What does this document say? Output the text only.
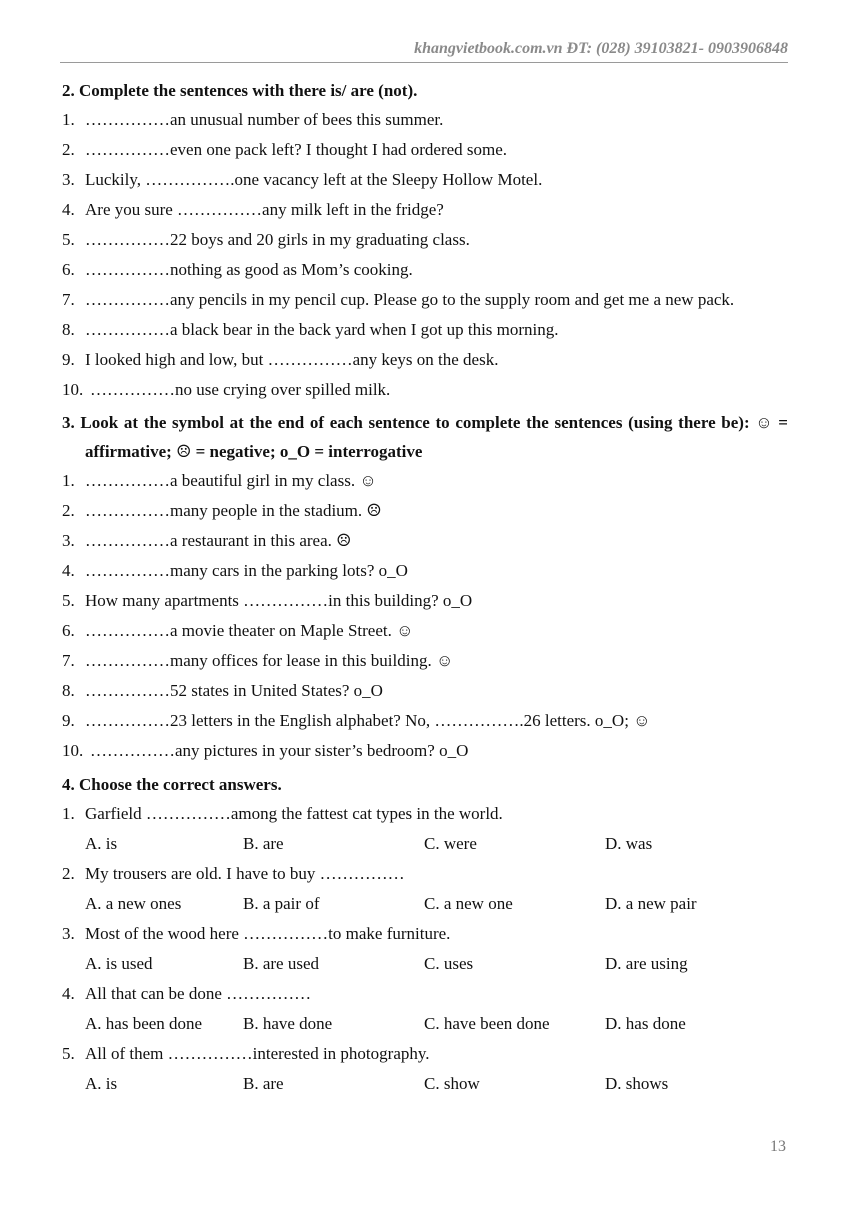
khangvietbook.com.vn ĐT: (028) 39103821- 0903906848
2. Complete the sentences with there is/ are (not).
1. ……………an unusual number of bees this summer.
2. ……………even one pack left? I thought I had ordered some.
3. Luckily, …………….one vacancy left at the Sleepy Hollow Motel.
4. Are you sure ……………any milk left in the fridge?
5. ……………22 boys and 20 girls in my graduating class.
6. ……………nothing as good as Mom’s cooking.
7. ……………any pencils in my pencil cup. Please go to the supply room and get me a new pack.
8. ……………a black bear in the back yard when I got up this morning.
9. I looked high and low, but ……………any keys on the desk.
10. ……………no use crying over spilled milk.
3. Look at the symbol at the end of each sentence to complete the sentences (using there be): ☺ = affirmative; ☹ = negative; o_O = interrogative
1. ……………a beautiful girl in my class. ☺
2. ……………many people in the stadium. ☹
3. ……………a restaurant in this area. ☹
4. ……………many cars in the parking lots? o_O
5. How many apartments ……………in this building? o_O
6. ……………a movie theater on Maple Street. ☺
7. ……………many offices for lease in this building. ☺
8. ……………52 states in United States? o_O
9. ……………23 letters in the English alphabet? No, …………….26 letters. o_O; ☺
10. ……………any pictures in your sister’s bedroom? o_O
4. Choose the correct answers.
1. Garfield ……………among the fattest cat types in the world.
A. is	B. are	C. were	D. was
2. My trousers are old. I have to buy ……………
A. a new ones	B. a pair of	C. a new one	D. a new pair
3. Most of the wood here ……………to make furniture.
A. is used	B. are used	C. uses	D. are using
4. All that can be done ……………
A. has been done	B. have done	C. have been done	D. has done
5. All of them ……………interested in photography.
A. is	B. are	C. show	D. shows
13
